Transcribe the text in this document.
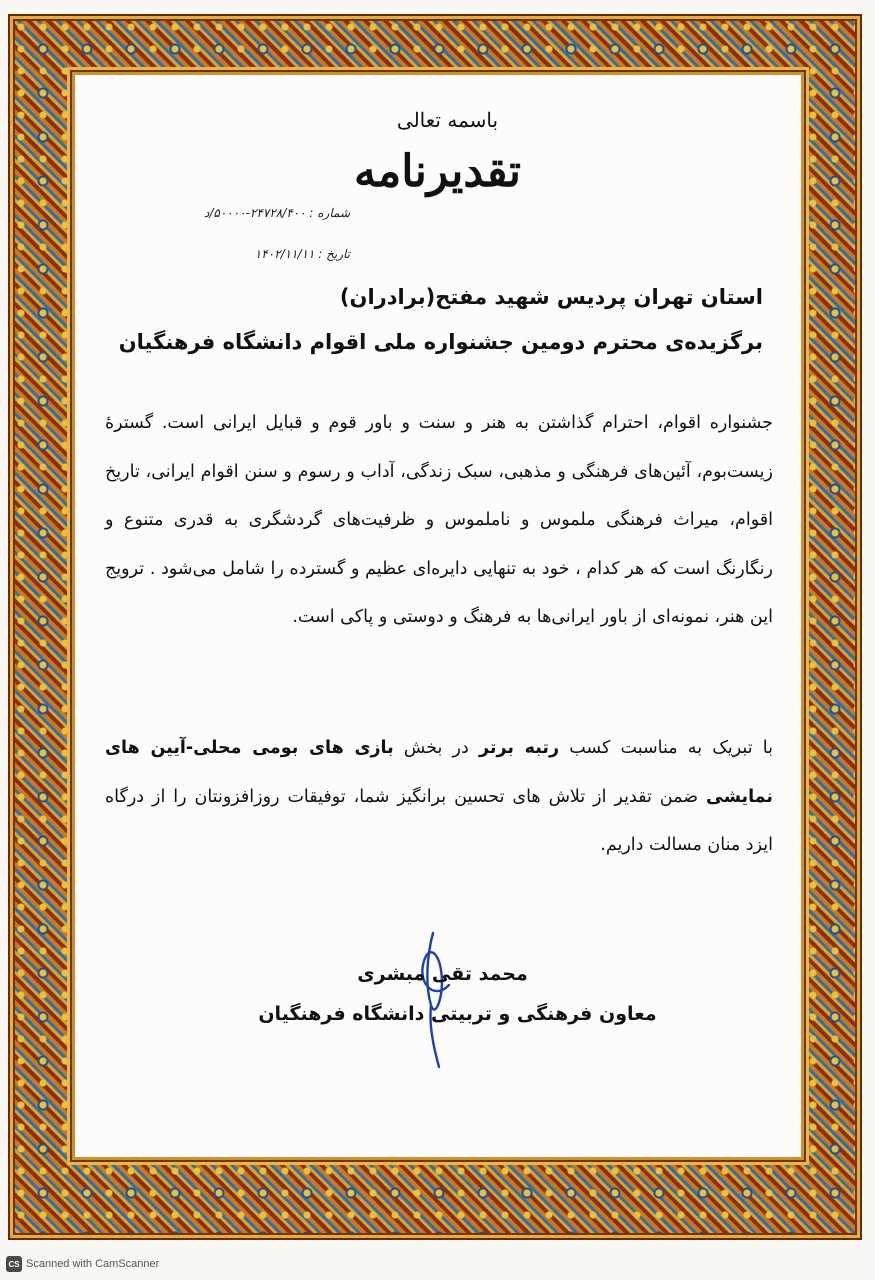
باسمه تعالی
تقدیرنامه
شماره : ۲۴۷۲۸/۴۰۰-۵۰۰۰۰/د
تاریخ : ۱۴۰۲/۱۱/۱۱
استان تهران پردیس شهید مفتح(برادران)
برگزیده‌ی محترم دومین جشنواره ملی اقوام دانشگاه فرهنگیان
جشنواره اقوام، احترام گذاشتن به هنر و سنت و باور قوم و قبایل ایرانی است. گسترۀ زیست‌بوم، آئین‌های فرهنگی و مذهبی، سبک زندگی، آداب و رسوم و سنن اقوام ایرانی، تاریخ اقوام، میراث فرهنگی ملموس و ناملموس و ظرفیت‌های گردشگری به قدری متنوع و رنگارنگ است که هر کدام ، خود به تنهایی دایره‌ای عظیم و گسترده را شامل می‌شود . ترویج این هنر، نمونه‌ای از باور ایرانی‌ها به فرهنگ و دوستی و پاکی است.
با تبریک به مناسبت کسب رتبه برتر در بخش بازی های بومی محلی-آیین های نمایشی ضمن تقدیر از تلاش های تحسین برانگیز شما، توفیقات روزافزونتان را از درگاه ایزد منان مسالت داریم.
محمد تقی مبشری
معاون فرهنگی و تربیتی دانشگاه فرهنگیان
CS Scanned with CamScanner
